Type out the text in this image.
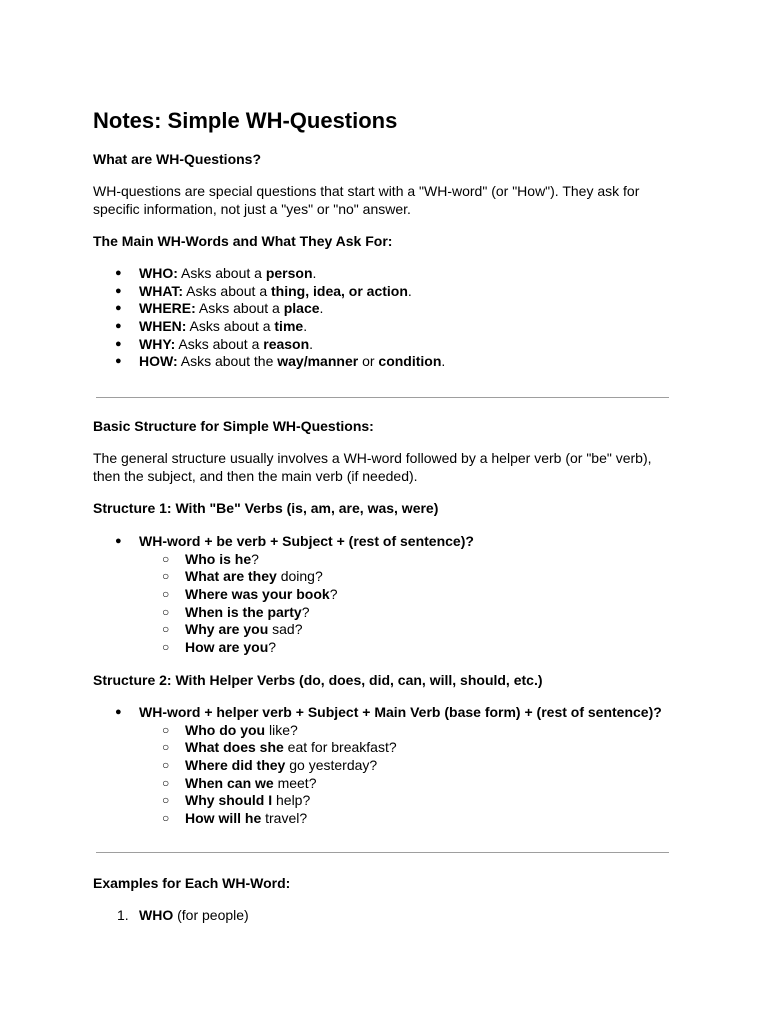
Notes: Simple WH-Questions
What are WH-Questions?

WH-questions are special questions that start with a "WH-word" (or "How"). They ask for specific information, not just a "yes" or "no" answer.

The Main WH-Words and What They Ask For:
● WHO: Asks about a person.
● WHAT: Asks about a thing, idea, or action.
● WHERE: Asks about a place.
● WHEN: Asks about a time.
● WHY: Asks about a reason.
● HOW: Asks about the way/manner or condition.
Basic Structure for Simple WH-Questions:

The general structure usually involves a WH-word followed by a helper verb (or "be" verb), then the subject, and then the main verb (if needed).

Structure 1: With "Be" Verbs (is, am, are, was, were)
● WH-word + be verb + Subject + (rest of sentence)?
○ Who is he?
○ What are they doing?
○ Where was your book?
○ When is the party?
○ Why are you sad?
○ How are you?
Structure 2: With Helper Verbs (do, does, did, can, will, should, etc.)
● WH-word + helper verb + Subject + Main Verb (base form) + (rest of sentence)?
○ Who do you like?
○ What does she eat for breakfast?
○ Where did they go yesterday?
○ When can we meet?
○ Why should I help?
○ How will he travel?
Examples for Each WH-Word:
1. WHO (for people)
